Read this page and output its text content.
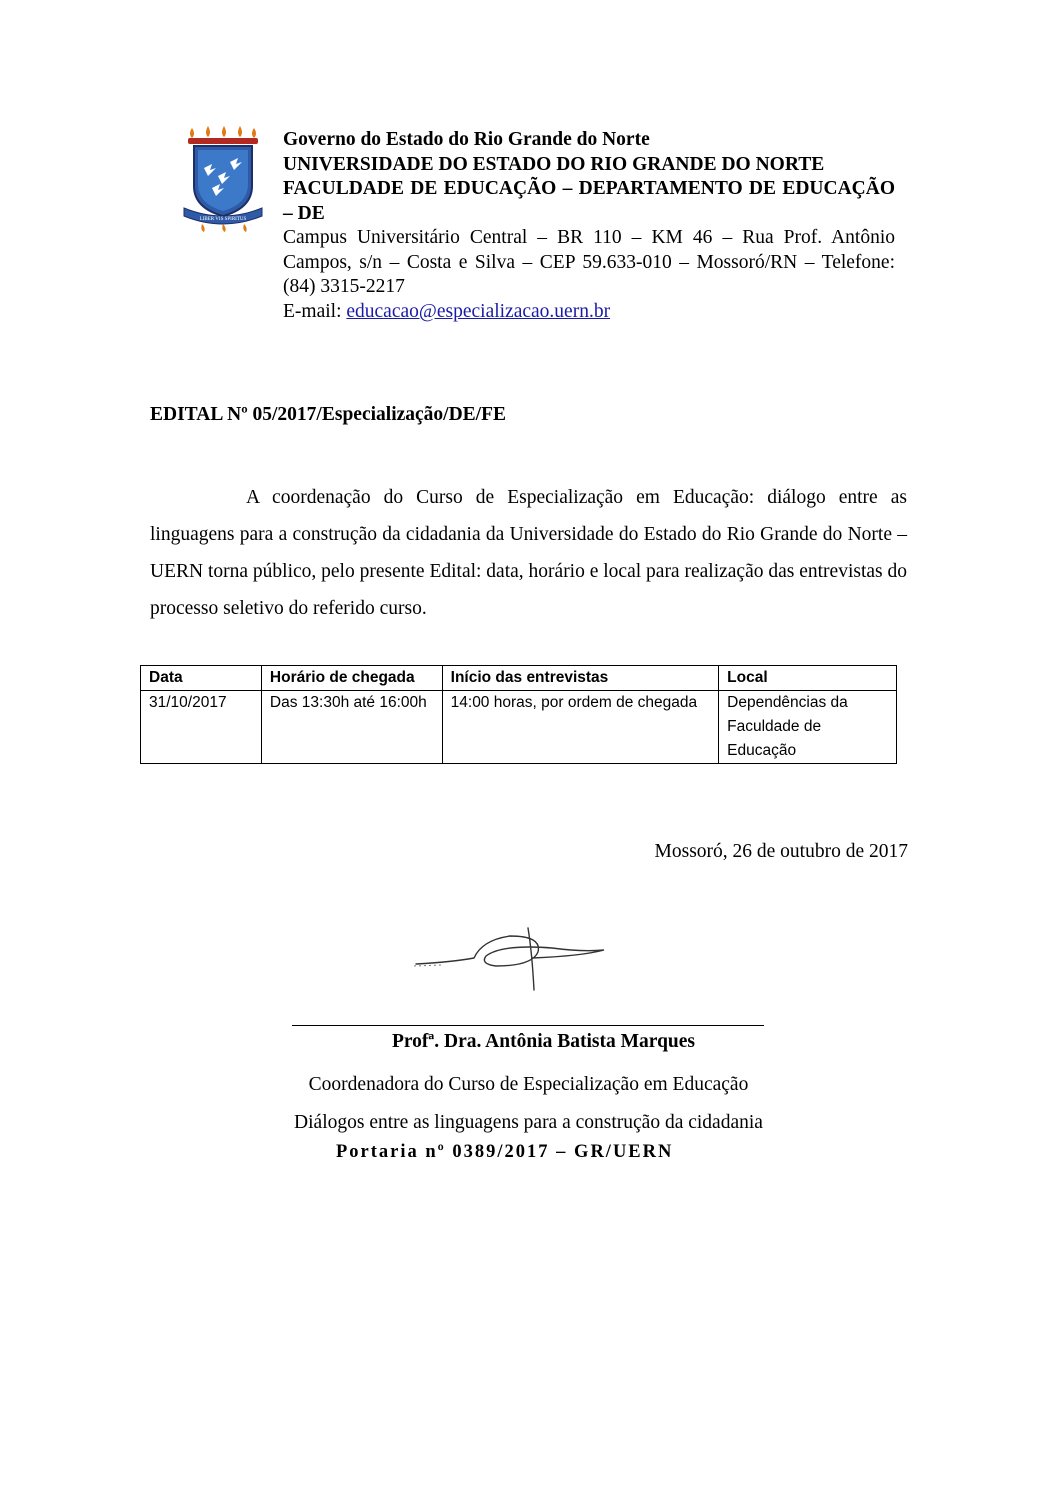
LIBER VIS SPIRITUS
Governo do Estado do Rio Grande do Norte
UNIVERSIDADE DO ESTADO DO RIO GRANDE DO NORTE
FACULDADE DE EDUCAÇÃO – DEPARTAMENTO DE EDUCAÇÃO – DE
Campus Universitário Central – BR 110 – KM 46 – Rua Prof. Antônio Campos, s/n – Costa e Silva – CEP 59.633-010 – Mossoró/RN – Telefone: (84) 3315-2217
E-mail: educacao@especializacao.uern.br
EDITAL Nº 05/2017/Especialização/DE/FE
A coordenação do Curso de Especialização em Educação: diálogo entre as linguagens para a construção da cidadania da Universidade do Estado do Rio Grande do Norte – UERN torna público, pelo presente Edital: data, horário e local para realização das entrevistas do processo seletivo do referido curso.
Data	Horário de chegada	Início das entrevistas	Local
31/10/2017	Das 13:30h até 16:00h	14:00 horas, por ordem de chegada	Dependências da Faculdade de Educação
Mossoró, 26 de outubro de 2017
Profª. Dra. Antônia Batista Marques
Coordenadora do Curso de Especialização em Educação
Diálogos entre as linguagens para a construção da cidadania
Portaria nº 0389/2017 – GR/UERN
